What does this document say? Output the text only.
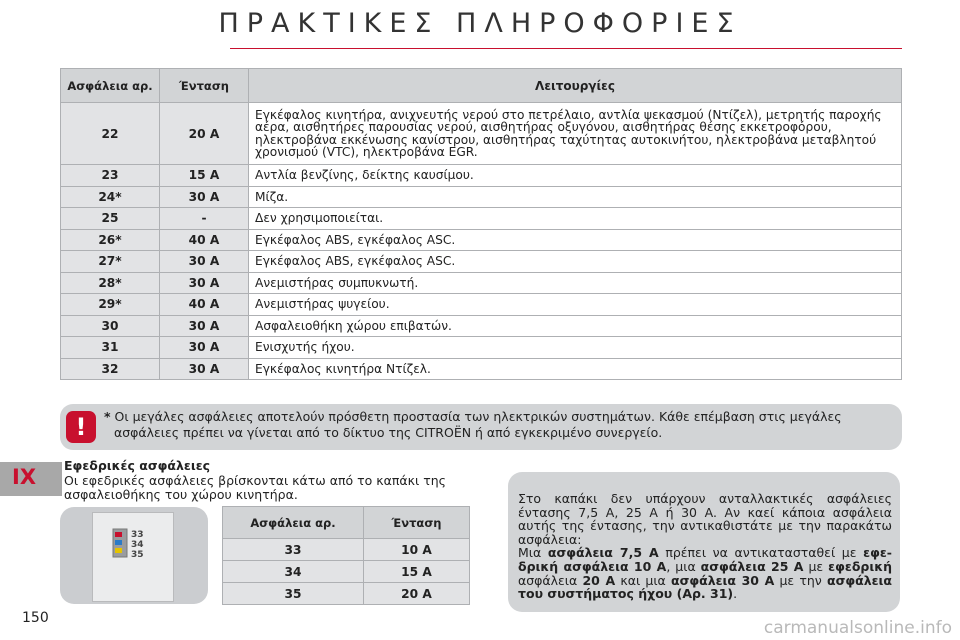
ΠΡΑΚΤΙΚΕΣ ΠΛΗΡΟΦΟΡΙΕΣ
Ασφάλεια αρ.	Ένταση	Λειτουργίες
22	20 A	Εγκέφαλος κινητήρα, ανιχνευτής νερού στο πετρέλαιο, αντλία ψεκασμού (Ντίζελ), μετρητής παροχής αέρα, αισθητήρες παρουσίας νερού, αισθητήρας οξυγόνου, αισθητήρας θέσης εκκετροφόρου, ηλεκτροβάνα εκκένωσης κανίστρου, αισθητήρας ταχύτητας αυτοκινήτου, ηλεκτροβάνα μεταβλητού χρονισμού (VTC), ηλεκτροβάνα EGR.
23	15 A	Αντλία βενζίνης, δείκτης καυσίμου.
24*	30 A	Μίζα.
25	-	Δεν χρησιμοποιείται.
26*	40 A	Εγκέφαλος ABS, εγκέφαλος ASC.
27*	30 A	Εγκέφαλος ABS, εγκέφαλος ASC.
28*	30 A	Ανεμιστήρας συμπυκνωτή.
29*	40 A	Ανεμιστήρας ψυγείου.
30	30 A	Ασφαλειοθήκη χώρου επιβατών.
31	30 A	Ενισχυτής ήχου.
32	30 A	Εγκέφαλος κινητήρα Ντίζελ.
!	* Οι μεγάλες ασφάλειες αποτελούν πρόσθετη προστασία των ηλεκτρικών συστημάτων. Κάθε επέμβαση στις μεγάλες
ασφάλειες πρέπει να γίνεται από το δίκτυο της CITROËN ή από εγκεκριμένο συνεργείο.
IX Εφεδρικές ασφάλειες
Οι εφεδρικές ασφάλειες βρίσκονται κάτω από το καπάκι της ασφαλειοθήκης του χώρου κινητήρα.
33
34
35
Ασφάλεια αρ.	Ένταση
33	10 A
34	15 A
35	20 A
Στο καπάκι δεν υπάρχουν ανταλλακτικές ασφάλειες έντασης 7,5 A, 25 A ή 30 A. Αν καεί κάποια ασφάλεια αυτής της έντασης, την αντικαθιστάτε με την παρακάτω ασφάλεια:
Μια ασφάλεια 7,5 A πρέπει να αντικατασταθεί με εφε-δρική ασφάλεια 10 A, μια ασφάλεια 25 A με εφεδρική ασφάλεια 20 A και μια ασφάλεια 30 A με την ασφάλεια του συστήματος ήχου (Αρ. 31).
150	carmanualsonline.info
